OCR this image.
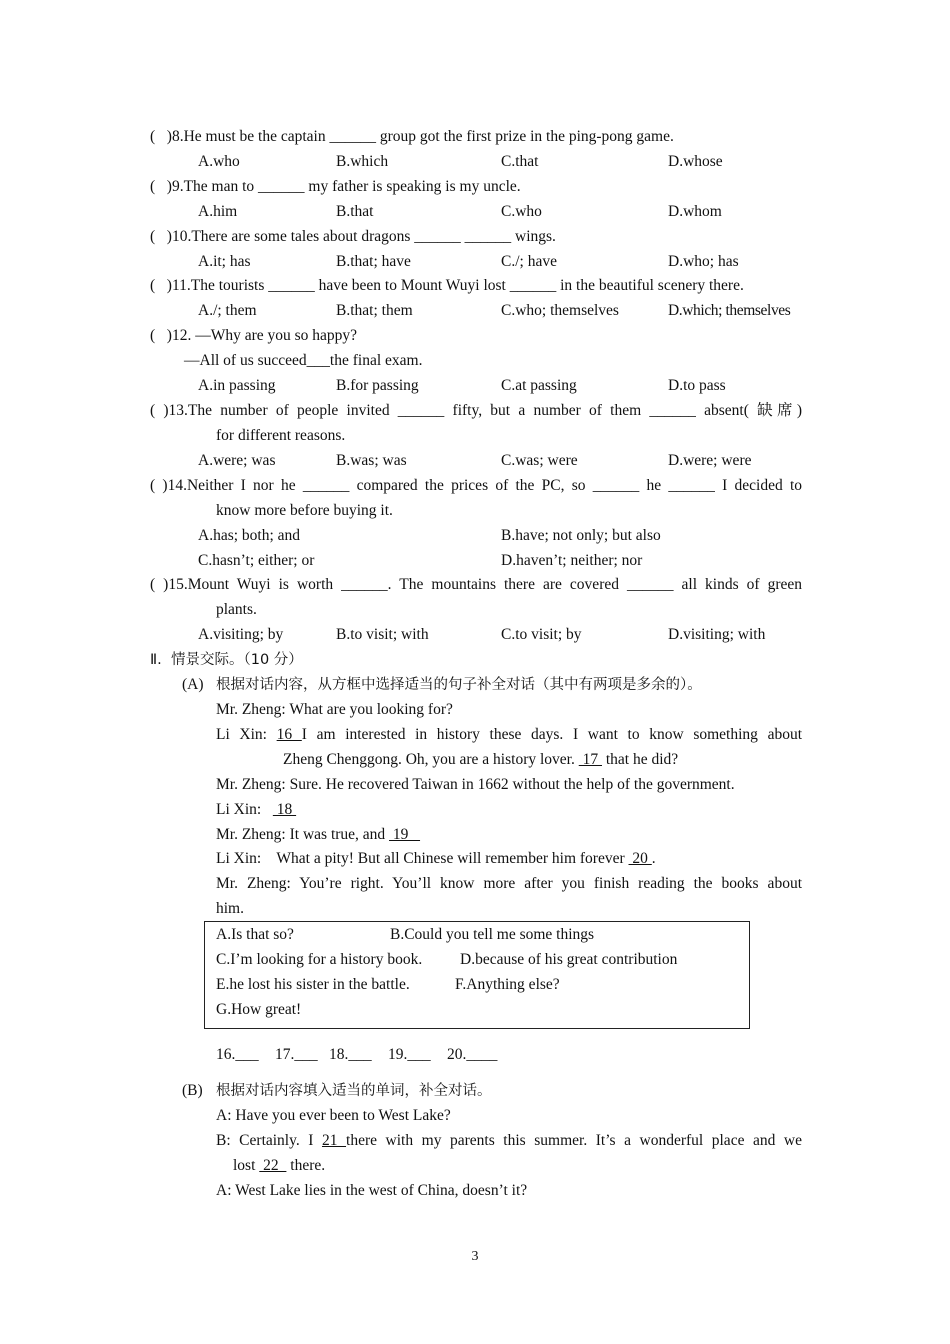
(   )8.He must be the captain ______ group got the first prize in the ping-pong game.
A.who	B.which	C.that	D.whose
(   )9.The man to ______ my father is speaking is my uncle.
A.him	B.that	C.who	D.whom
(   )10.There are some tales about dragons ______ ______ wings.
A.it; has	B.that; have	C./; have	D.who; has
(   )11.The tourists ______ have been to Mount Wuyi lost ______ in the beautiful scenery there.
A./; them	B.that; them	C.who; themselves	D.which; themselves
(   )12. —Why are you so happy?
—All of us succeed___the final exam.
A.in passing	B.for passing	C.at passing	D.to pass
( )13.The number of people invited ______ fifty, but a number of them ______ absent( 缺席)
for different reasons.
A.were; was	B.was; was	C.was; were	D.were; were
( )14.Neither I nor he ______ compared the prices of the PC, so ______ he ______ I decided to
know more before buying it.
A.has; both; and	B.have; not only; but also
C.hasn’t; either; or	D.haven’t; neither; nor
( )15.Mount Wuyi is worth ______. The mountains there are covered ______ all kinds of green
plants.
A.visiting; by	B.to visit; with	C.to visit; by	D.visiting; with
Ⅱ.  情景交际。（10 分）
(A) 根据对话内容，从方框中选择适当的句子补全对话（其中有两项是多余的）。
Mr. Zheng: What are you looking for?
Li Xin: 16 I am interested in history these days. I want to know something about
Zheng Chenggong. Oh, you are a history lover.  17  that he did?
Mr. Zheng: Sure. He recovered Taiwan in 1662 without the help of the government.
Li Xin:    18
Mr. Zheng: It was true, and  19
Li Xin:    What a pity! But all Chinese will remember him forever  20 .
Mr. Zheng: You’re right. You’ll know more after you finish reading the books about
him.
A.Is that so?	B.Could you tell me some things
C.I’m looking for a history book. D.because of his great contribution
E.he lost his sister in the battle.	F.Anything else?
G.How great!
16.___ 17.___ 18.___ 19.___ 20.____
(B) 根据对话内容填入适当的单词，补全对话。
A: Have you ever been to West Lake?
B: Certainly. I 21 there with my parents this summer. It’s a wonderful place and we
lost  22   there.
A: West Lake lies in the west of China, doesn’t it?
3
